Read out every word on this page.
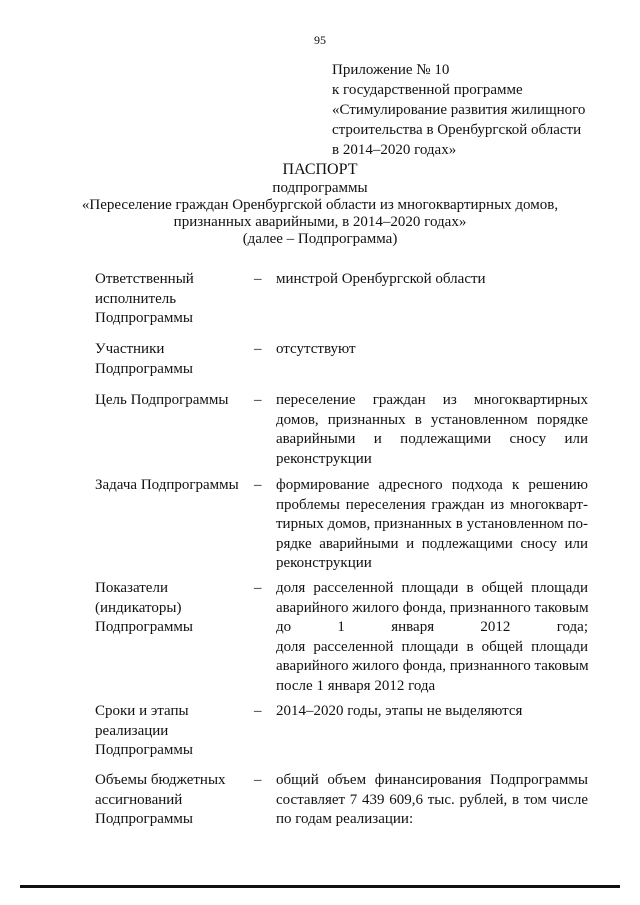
95
Приложение № 10
к государственной программе
«Стимулирование развития жилищного
строительства в Оренбургской области
в 2014–2020 годах»
ПАСПОРТ
подпрограммы
«Переселение граждан Оренбургской области из многоквартирных домов,
признанных аварийными, в 2014–2020 годах»
(далее – Подпрограмма)
Ответственный
исполнитель
Подпрограммы
– минстрой Оренбургской области
Участники
Подпрограммы
– отсутствуют
Цель Подпрограммы	– переселение граждан из многоквартирных
домов, признанных в установленном порядке
аварийными и подлежащими сносу или
реконструкции
Задача Подпрограммы	– формирование адресного подхода к решению
проблемы переселения граждан из многокварт-
тирных домов, признанных в установленном по-
рядке аварийными и подлежащими сносу или
реконструкции
Показатели
(индикаторы)
Подпрограммы
– доля расселенной площади в общей площади
аварийного жилого фонда, признанного таковым
до 1 января 2012 года;
доля расселенной площади в общей площади
аварийного жилого фонда, признанного таковым
после 1 января 2012 года
Сроки и этапы
реализации
Подпрограммы
– 2014–2020 годы, этапы не выделяются
Объемы бюджетных
ассигнований
Подпрограммы
– общий объем финансирования Подпрограммы
составляет 7 439 609,6 тыс. рублей, в том числе
по годам реализации:
